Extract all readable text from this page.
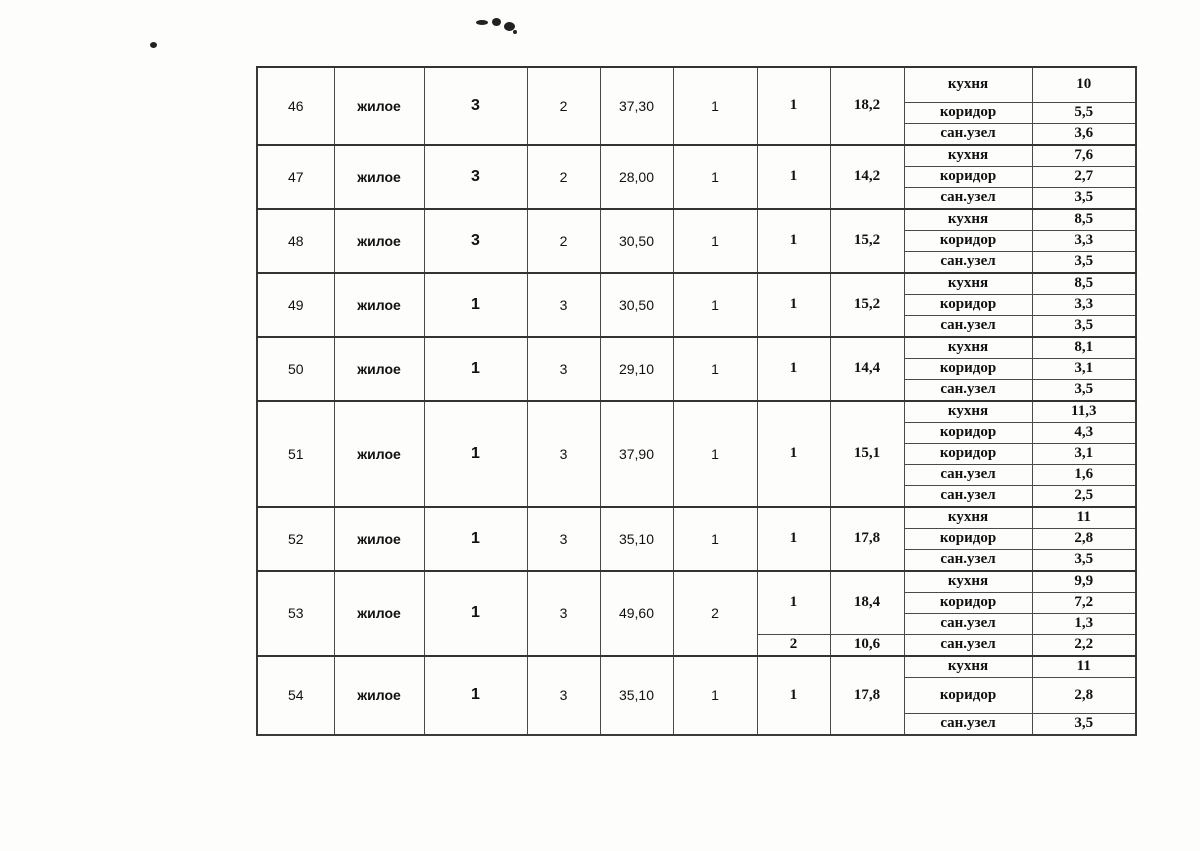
46	жилое	3	2	37,30	1	1	18,2	кухня	10
								коридор	5,5
								сан.узел	3,6
47	жилое	3	2	28,00	1	1	14,2	кухня	7,6
								коридор	2,7
								сан.узел	3,5
48	жилое	3	2	30,50	1	1	15,2	кухня	8,5
								коридор	3,3
								сан.узел	3,5
49	жилое	1	3	30,50	1	1	15,2	кухня	8,5
								коридор	3,3
								сан.узел	3,5
50	жилое	1	3	29,10	1	1	14,4	кухня	8,1
								коридор	3,1
								сан.узел	3,5
51	жилое	1	3	37,90	1	1	15,1	кухня	11,3
								коридор	4,3
								коридор	3,1
								сан.узел	1,6
								сан.узел	2,5
52	жилое	1	3	35,10	1	1	17,8	кухня	11
								коридор	2,8
								сан.узел	3,5
53	жилое	1	3	49,60	2	1	18,4	кухня	9,9
								коридор	7,2
								сан.узел	1,3
						2	10,6	сан.узел	2,2
54	жилое	1	3	35,10	1	1	17,8	кухня	11
								коридор	2,8
								сан.узел	3,5
